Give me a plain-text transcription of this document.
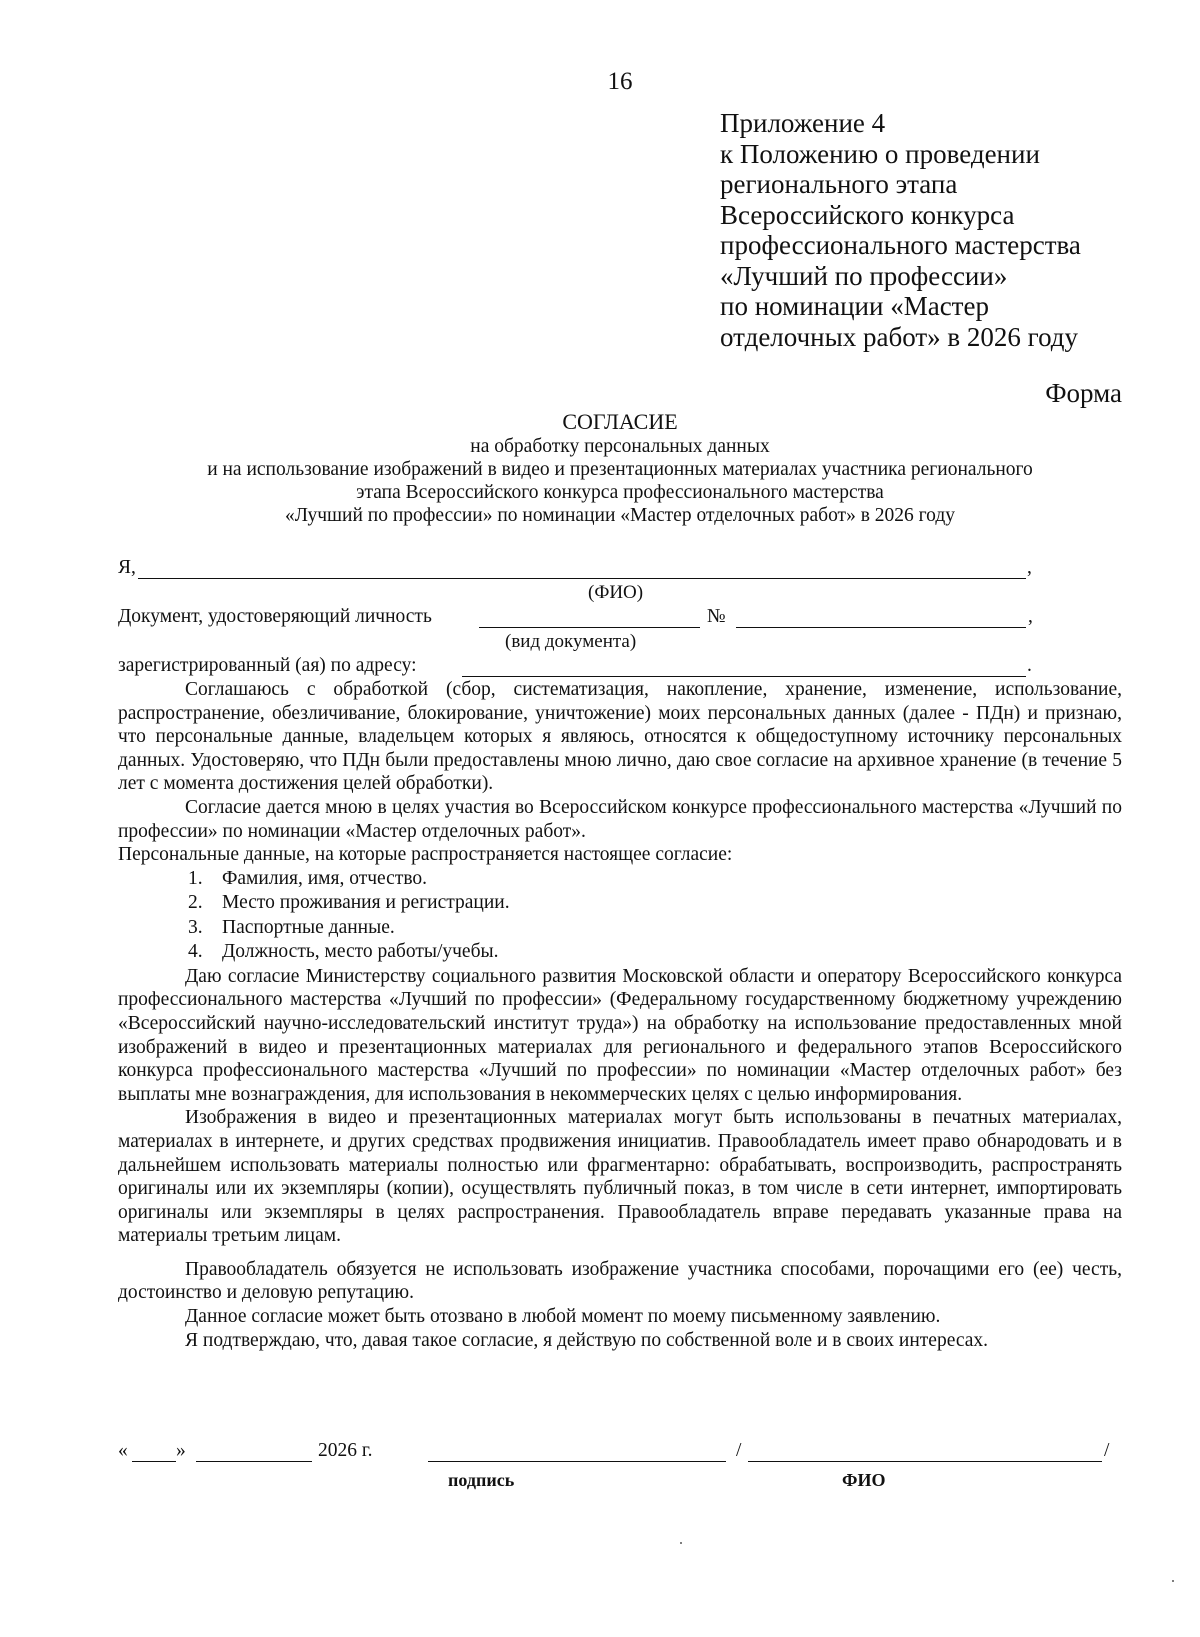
16
Приложение 4
к Положению о проведении
регионального этапа
Всероссийского конкурса
профессионального мастерства
«Лучший по профессии»
по номинации «Мастер
отделочных работ» в 2026 году
Форма
СОГЛАСИЕ
на обработку персональных данных
и на использование изображений в видео и презентационных материалах участника регионального
этапа Всероссийского конкурса профессионального мастерства
«Лучший по профессии» по номинации «Мастер отделочных работ» в 2026 году
Я,	,
(ФИО)
Документ, удостоверяющий личность	№	,
(вид документа)
зарегистрированный (ая) по адресу:	.

Соглашаюсь с обработкой (сбор, систематизация, накопление, хранение, изменение, использование, распространение, обезличивание, блокирование, уничтожение) моих персональных данных (далее - ПДн) и признаю, что персональные данные, владельцем которых я являюсь, относятся к общедоступному источнику персональных данных. Удостоверяю, что ПДн были предоставлены мною лично, даю свое согласие на архивное хранение (в течение 5 лет с момента достижения целей обработки).

Согласие дается мною в целях участия во Всероссийском конкурсе профессионального мастерства «Лучший по профессии» по номинации «Мастер отделочных работ».

Персональные данные, на которые распространяется настоящее согласие:

1. Фамилия, имя, отчество.
2. Место проживания и регистрации.
3. Паспортные данные.
4. Должность, место работы/учебы.

Даю согласие Министерству социального развития Московской области и оператору Всероссийского конкурса профессионального мастерства «Лучший по профессии» (Федеральному государственному бюджетному учреждению «Всероссийский научно-исследовательский институт труда») на обработку на использование предоставленных мной изображений в видео и презентационных материалах для регионального и федерального этапов Всероссийского конкурса профессионального мастерства «Лучший по профессии» по номинации «Мастер отделочных работ» без выплаты мне вознаграждения, для использования в некоммерческих целях с целью информирования.

Изображения в видео и презентационных материалах могут быть использованы в печатных материалах, материалах в интернете, и других средствах продвижения инициатив. Правообладатель имеет право обнародовать и в дальнейшем использовать материалы полностью или фрагментарно: обрабатывать, воспроизводить, распространять оригиналы или их экземпляры (копии), осуществлять публичный показ, в том числе в сети интернет, импортировать оригиналы или экземпляры в целях распространения. Правообладатель вправе передавать указанные права на материалы третьим лицам.

Правообладатель обязуется не использовать изображение участника способами, порочащими его (ее) честь, достоинство и деловую репутацию.

Данное согласие может быть отозвано в любой момент по моему письменному заявлению.

Я подтверждаю, что, давая такое согласие, я действую по собственной воле и в своих интересах.

« »	2026 г.	/	/
подпись	ФИО
